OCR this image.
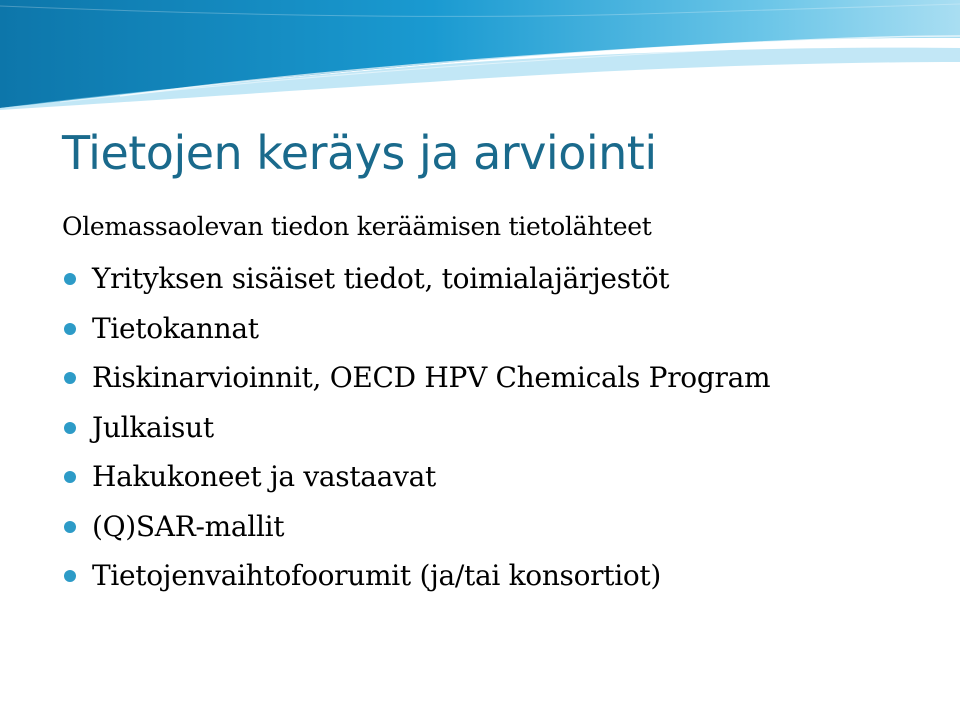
Tietojen keräys ja arviointi

Olemassaolevan tiedon keräämisen tietolähteet

Yrityksen sisäiset tiedot, toimialajärjestöt
Tietokannat
Riskinarvioinnit, OECD HPV Chemicals Program
Julkaisut
Hakukoneet ja vastaavat
(Q)SAR-mallit
Tietojenvaihtofoorumit (ja/tai konsortiot)
